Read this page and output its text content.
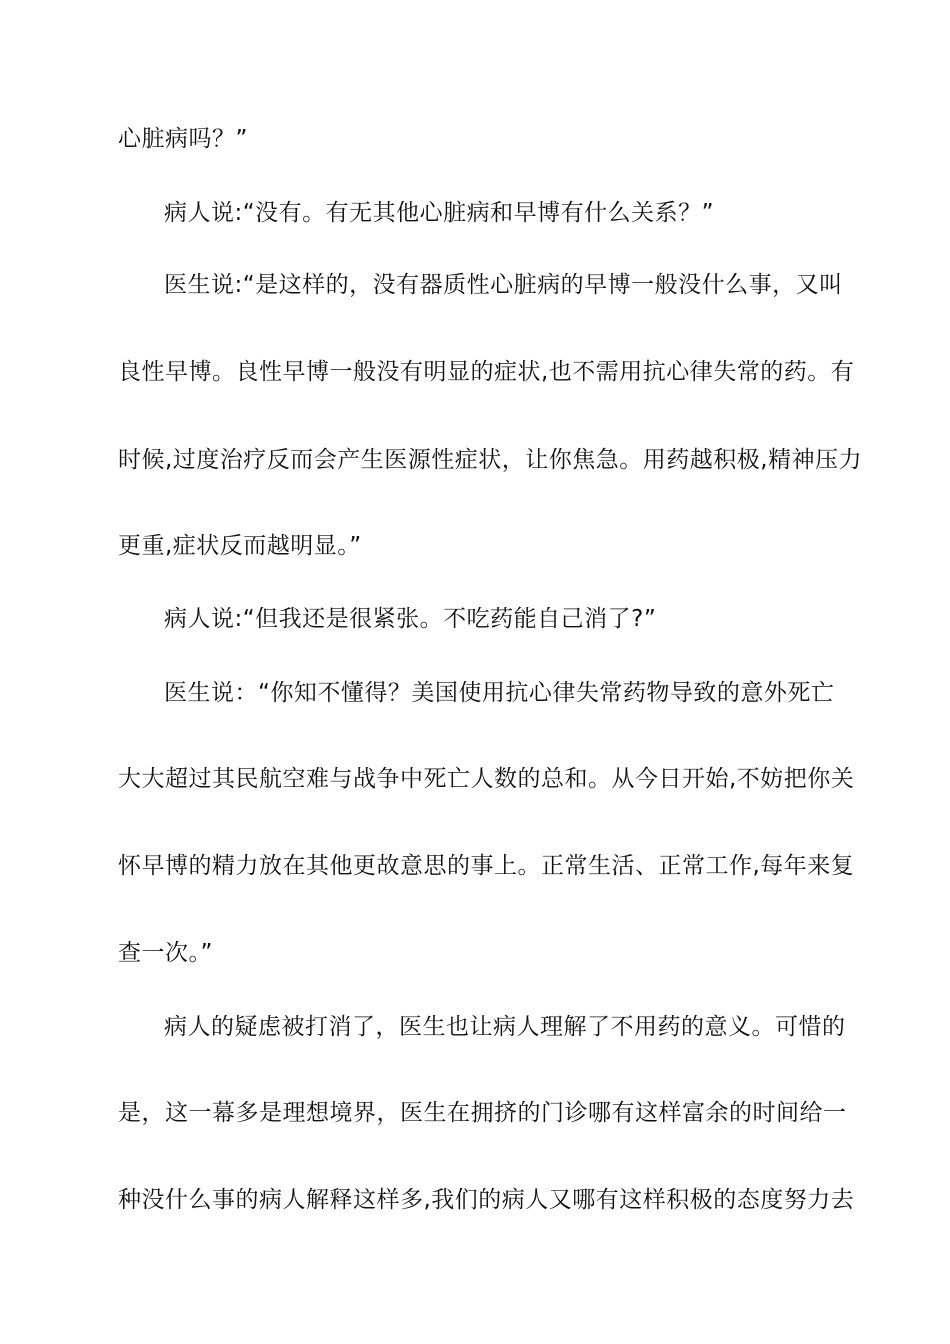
心脏病吗？”

病人说:“没有。有无其他心脏病和早博有什么关系？”

医生说:“是这样的，没有器质性心脏病的早博一般没什么事，又叫

良性早博。良性早博一般没有明显的症状,也不需用抗心律失常的药。有

时候,过度治疗反而会产生医源性症状，让你焦急。用药越积极,精神压力

更重,症状反而越明显。”

病人说:“但我还是很紧张。不吃药能自己消了?”

医生说：“你知不懂得？美国使用抗心律失常药物导致的意外死亡

大大超过其民航空难与战争中死亡人数的总和。从今日开始,不妨把你关

怀早博的精力放在其他更故意思的事上。正常生活、正常工作,每年来复

查一次。”

病人的疑虑被打消了，医生也让病人理解了不用药的意义。可惜的

是，这一幕多是理想境界，医生在拥挤的门诊哪有这样富余的时间给一

种没什么事的病人解释这样多,我们的病人又哪有这样积极的态度努力去
